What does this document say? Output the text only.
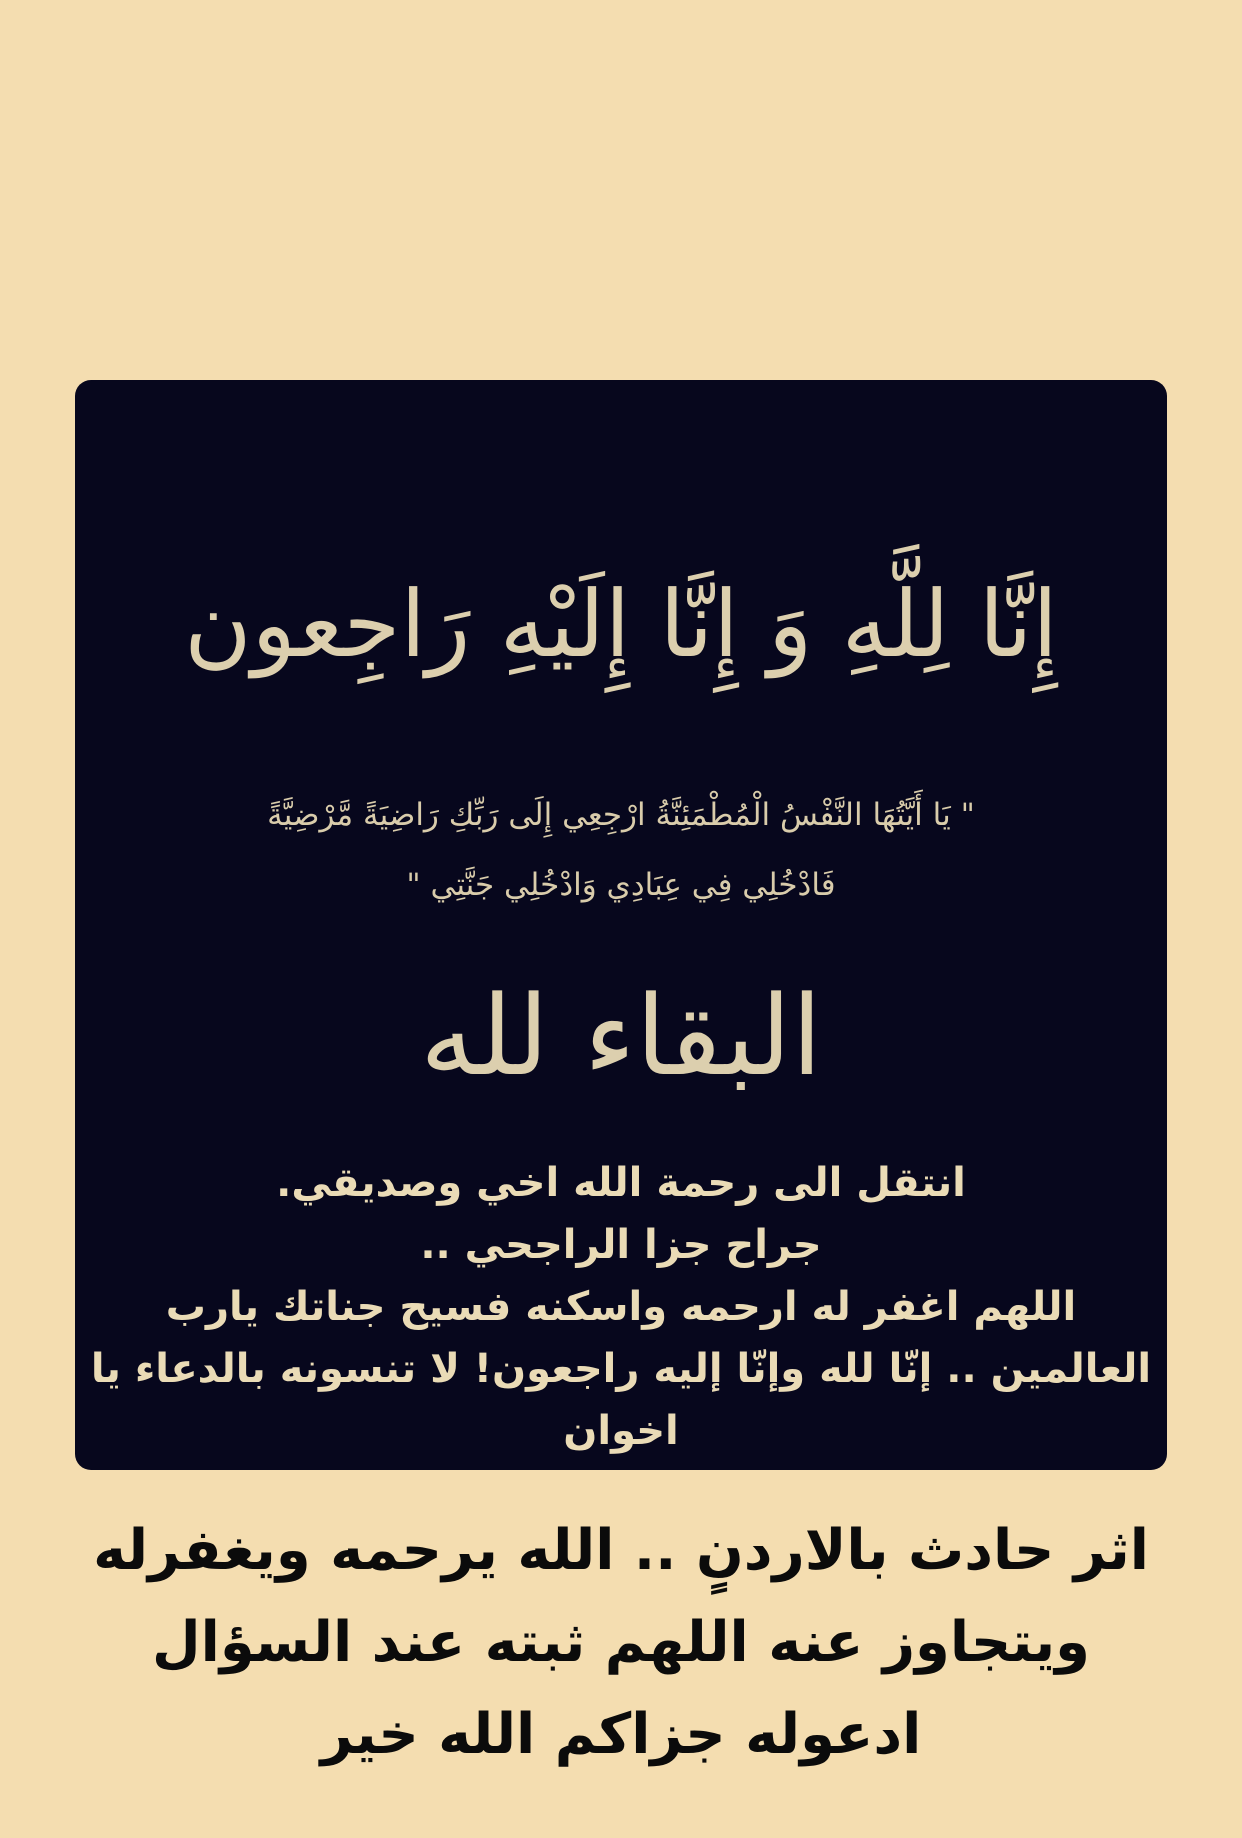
إِنَّا لِلَّهِ وَ إِنَّا إِلَيْهِ رَاجِعون
" يَا أَيَّتُهَا النَّفْسُ الْمُطْمَئِنَّةُ ارْجِعِي إِلَى رَبِّكِ رَاضِيَةً مَّرْضِيَّةً
فَادْخُلِي فِي عِبَادِي وَادْخُلِي جَنَّتِي "
البقاء لله
انتقل الى رحمة الله اخي وصديقي.
جراح جزا الراجحي ..
اللهم اغفر له ارحمه واسكنه فسيح جناتك يارب
العالمين .. إنّا لله وإنّا إليه راجعون! لا تنسونه بالدعاء يا
اخوان
اثر حادث بالاردنٍ .. الله يرحمه ويغفرله
ويتجاوز عنه اللهم ثبته عند السؤال
ادعوله جزاكم الله خير
